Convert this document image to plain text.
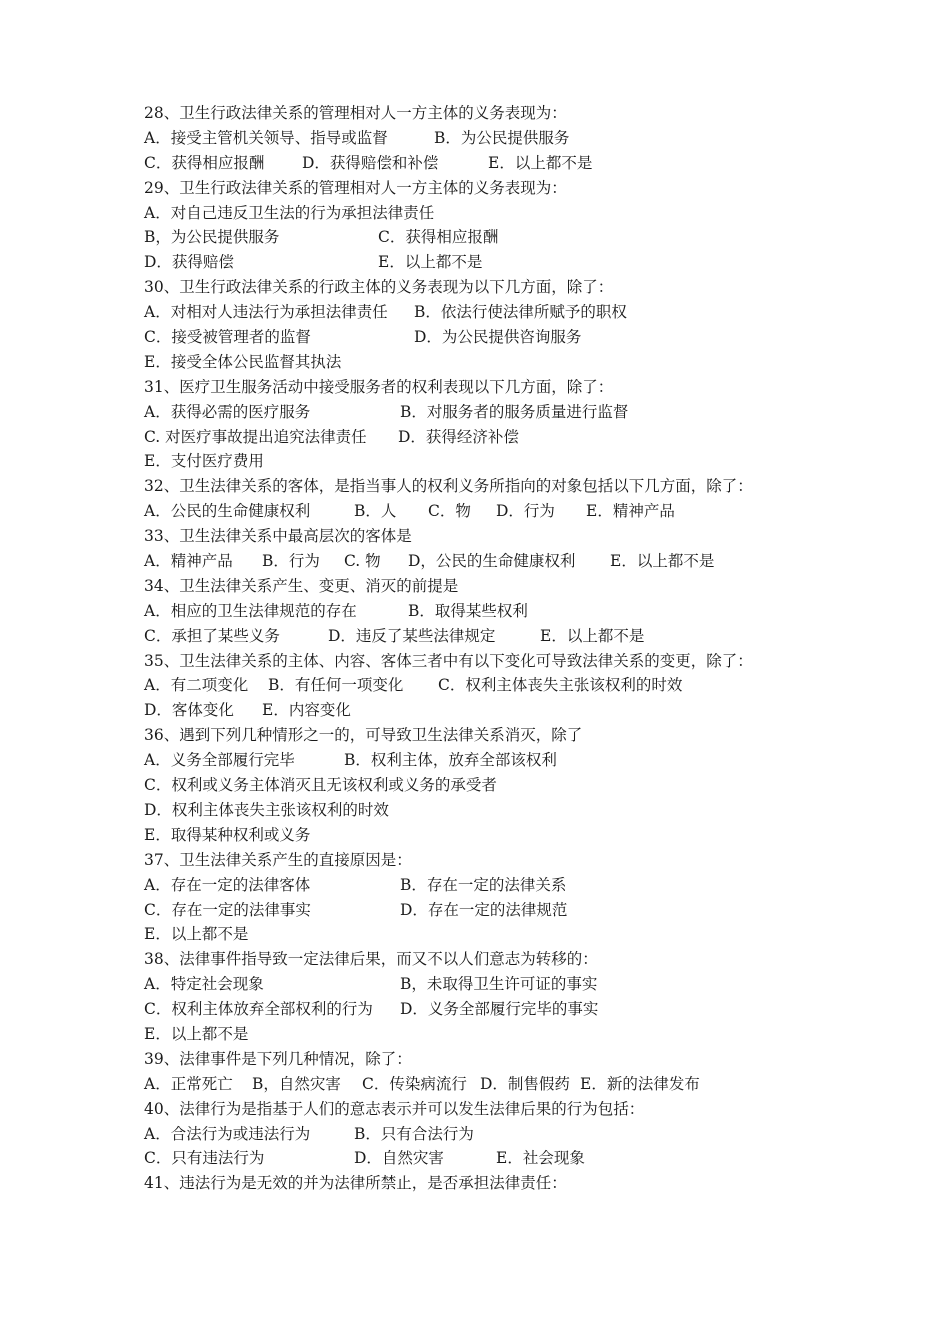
28、卫生行政法律关系的管理相对人一方主体的义务表现为：
A．接受主管机关领导、指导或监督	B．为公民提供服务
C．获得相应报酬 D．获得赔偿和补偿	E．以上都不是
29、卫生行政法律关系的管理相对人一方主体的义务表现为：
A．对自己违反卫生法的行为承担法律责任
B，为公民提供服务	C．获得相应报酬
D．获得赔偿	E．以上都不是
30、卫生行政法律关系的行政主体的义务表现为以下几方面，除了：
A．对相对人违法行为承担法律责任 B．依法行使法律所赋予的职权
C．接受被管理者的监督	D．为公民提供咨询服务
E．接受全体公民监督其执法
31、医疗卫生服务活动中接受服务者的权利表现以下几方面，除了：
A．获得必需的医疗服务	B．对服务者的服务质量进行监督
C. 对医疗事故提出追究法律责任 D．获得经济补偿
E．支付医疗费用
32、卫生法律关系的客体，是指当事人的权利义务所指向的对象包括以下几方面，除了：
A．公民的生命健康权利	B．人 C．物 D．行为 E．精神产品
33、卫生法律关系中最高层次的客体是
A．精神产品 B．行为 C. 物 D，公民的生命健康权利 E．以上都不是
34、卫生法律关系产生、变更、消灭的前提是
A．相应的卫生法律规范的存在	B．取得某些权利
C．承担了某些义务	D．违反了某些法律规定	E．以上都不是
35、卫生法律关系的主体、内容、客体三者中有以下变化可导致法律关系的变更，除了：
A．有二项变化 B．有任何一项变化 C．权利主体丧失主张该权利的时效
D．客体变化 E．内容变化
36、遇到下列几种情形之一的，可导致卫生法律关系消灭，除了
A．义务全部履行完毕	B．权利主体，放弃全部该权利
C．权利或义务主体消灭且无该权利或义务的承受者
D．权利主体丧失主张该权利的时效
E．取得某种权利或义务
37、卫生法律关系产生的直接原因是：
A．存在一定的法律客体	B．存在一定的法律关系
C．存在一定的法律事实	D．存在一定的法律规范
E．以上都不是
38、法律事件指导致一定法律后果，而又不以人们意志为转移的：
A．特定社会现象	B，未取得卫生许可证的事实
C．权利主体放弃全部权利的行为 D．义务全部履行完毕的事实
E．以上都不是
39、法律事件是下列几种情况，除了：
A．正常死亡 B，自然灾害 C．传染病流行 D．制售假药 E．新的法律发布
40、法律行为是指基于人们的意志表示并可以发生法律后果的行为包括：
A．合法行为或违法行为	B．只有合法行为
C．只有违法行为	D．自然灾害	E．社会现象
41、违法行为是无效的并为法律所禁止，是否承担法律责任：
